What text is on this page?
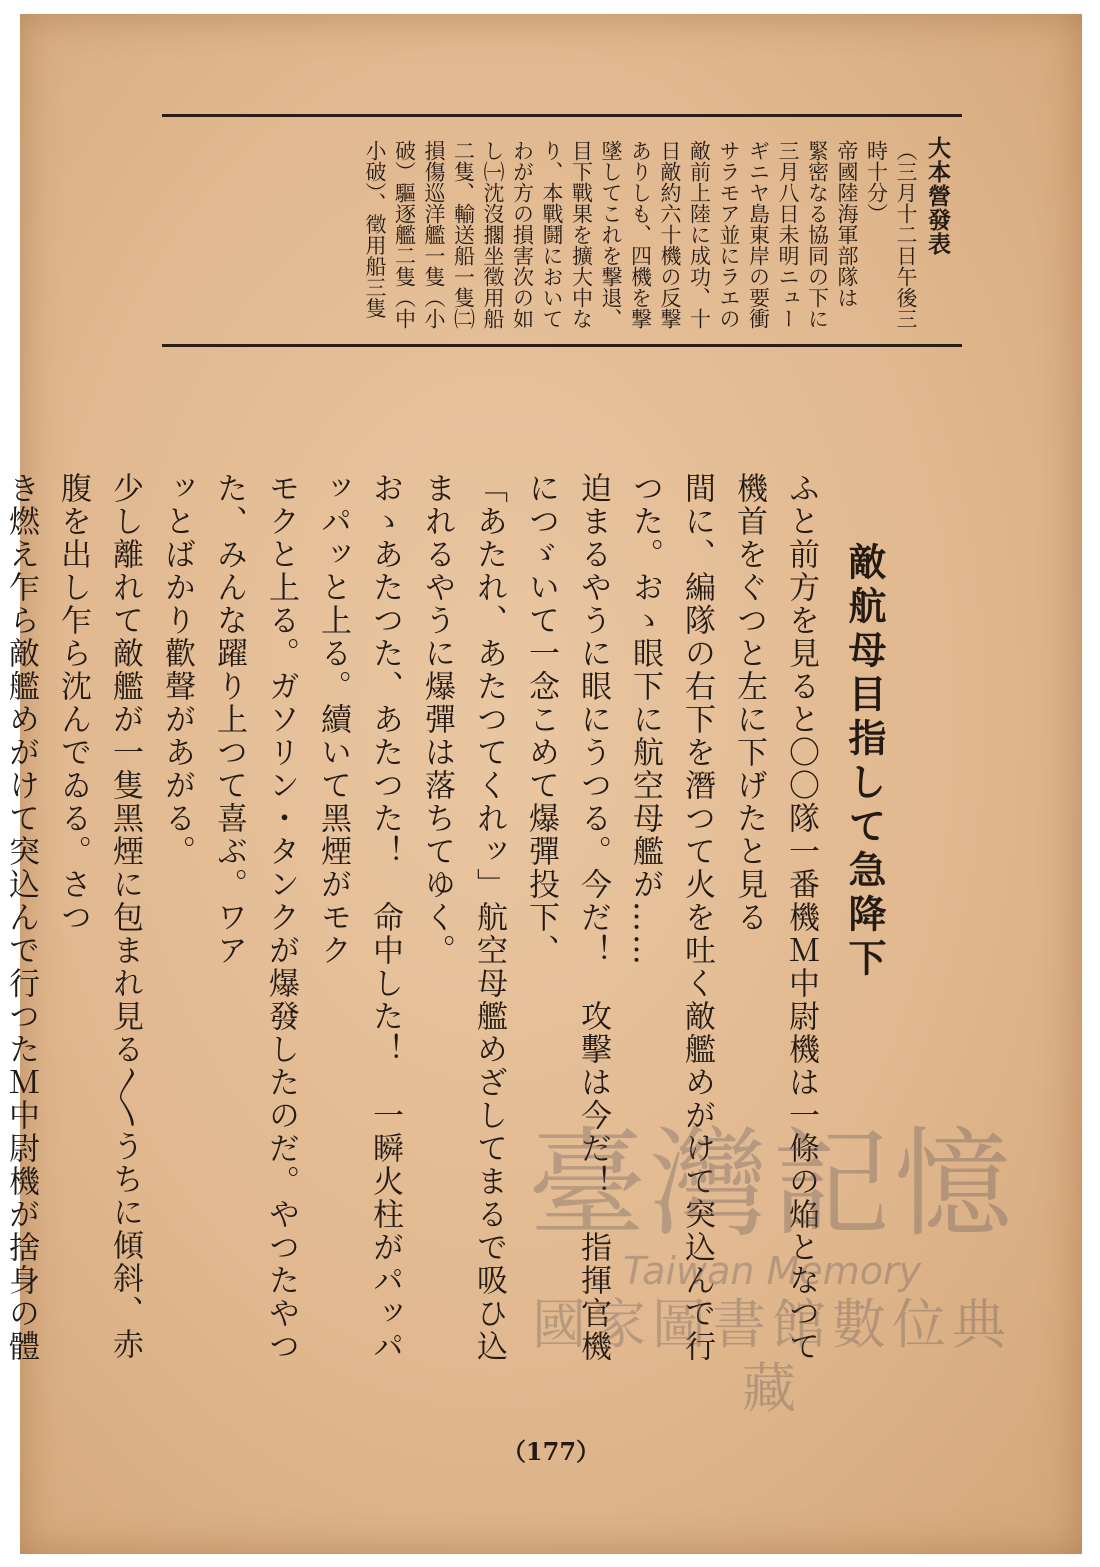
大本營發表
（三月十二日午後三
時十分）
帝國陸海軍部隊は
緊密なる協同の下に
三月八日未明ニュー
ギニヤ島東岸の要衝
サラモア並にラエの
敵前上陸に成功、十
日敵約六十機の反撃
ありしも、四機を撃
墜してこれを撃退、
目下戰果を擴大中な
り、本戰鬪において
わが方の損害次の如
し㈠沈沒擱坐徵用船
二隻、輸送船一隻㈡
損傷巡洋艦一隻（小
破）驅逐艦二隻（中
小破）、徵用船三隻
敵航母目指して急降下
ふと前方を見ると〇〇隊一番機Ｍ中尉機は一條の焔となつて機首をぐつと左に下げたと見る
間に、編隊の右下を潛つて火を吐く敵艦めがけて突込んで行つた。おゝ眼下に航空母艦が……
迫まるやうに眼にうつる。今だ！　攻擊は今だ！　指揮官機につゞいて一念こめて爆彈投下、
「あたれ、あたつてくれッ」航空母艦めざしてまるで吸ひ込まれるやうに爆彈は落ちてゆく。
おゝあたつた、あたつた！　命中した！　一瞬火柱がパッパッパッと上る。續いて黑煙がモク
モクと上る。ガソリン・タンクが爆發したのだ。やつたやつた、みんな躍り上つて喜ぶ。ワア
ッとばかり歡聲があがる。
少し離れて敵艦が一隻黑煙に包まれ見る〳〵うちに傾斜、赤腹を出し乍ら沈んでゐる。さつ
き燃え乍ら敵艦めがけて突込んで行つたＭ中尉機が捨身の體
（177）
臺灣記憶
Taiwan Memory
國家圖書館數位典藏
